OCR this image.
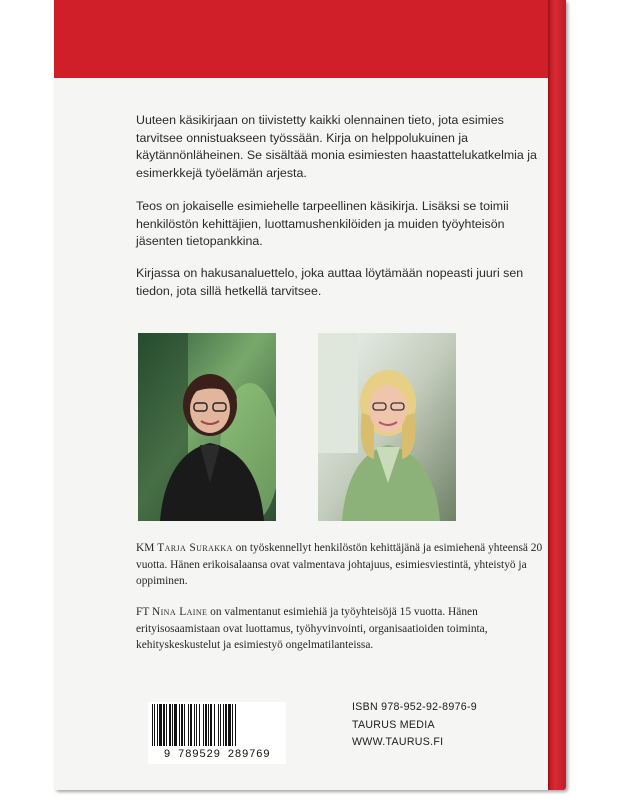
Uuteen käsikirjaan on tiivistetty kaikki olennainen tieto, jota esimies tarvitsee onnistuakseen työssään. Kirja on helppolukuinen ja käytännönläheinen. Se sisältää monia esimiesten haastattelukatkelmia ja esimerkkejä työelämän arjesta.

Teos on jokaiselle esimiehelle tarpeellinen käsikirja. Lisäksi se toimii henkilöstön kehittäjien, luottamushenkilöiden ja muiden työyhteisön jäsenten tietopankkina.

Kirjassa on hakusanaluettelo, joka auttaa löytämään nopeasti juuri sen tiedon, jota sillä hetkellä tarvitsee.

KM Tarja Surakka on työskennellyt henkilöstön kehittäjänä ja esimiehenä yhteensä 20 vuotta. Hänen erikoisalaansa ovat valmentava johtajuus, esimiesviestintä, yhteistyö ja oppiminen.

FT Nina Laine on valmentanut esimiehiä ja työyhteisöjä 15 vuotta. Hänen erityisosaamistaan ovat luottamus, työhyvinvointi, organisaatioiden toiminta, kehityskeskustelut ja esimiestyö ongelmatilanteissa.

9 789529 289769
ISBN 978-952-92-8976-9
TAURUS MEDIA
WWW.TAURUS.FI
